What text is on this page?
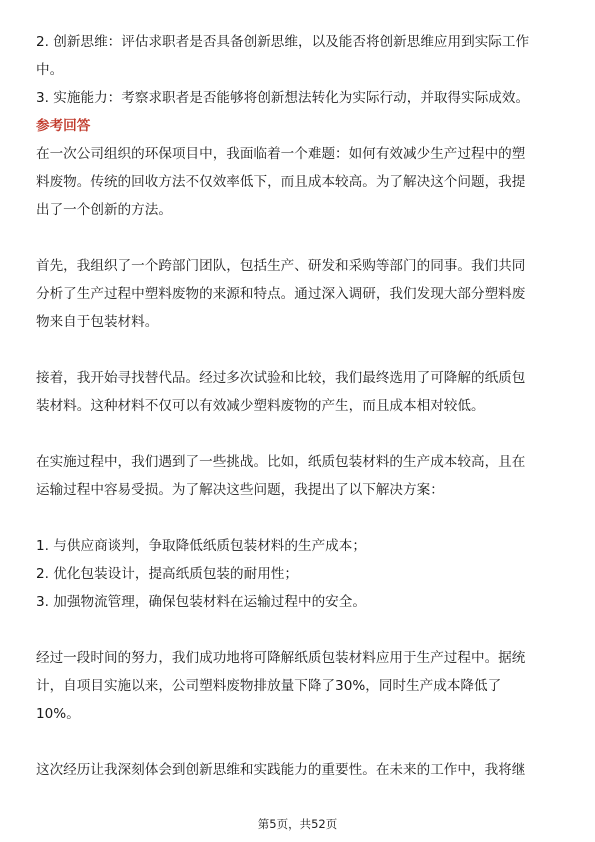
2. 创新思维：评估求职者是否具备创新思维，以及能否将创新思维应用到实际工作

中。

3. 实施能力：考察求职者是否能够将创新想法转化为实际行动，并取得实际成效。

参考回答

在一次公司组织的环保项目中，我面临着一个难题：如何有效减少生产过程中的塑

料废物。传统的回收方法不仅效率低下，而且成本较高。为了解决这个问题，我提

出了一个创新的方法。

首先，我组织了一个跨部门团队，包括生产、研发和采购等部门的同事。我们共同

分析了生产过程中塑料废物的来源和特点。通过深入调研，我们发现大部分塑料废

物来自于包装材料。

接着，我开始寻找替代品。经过多次试验和比较，我们最终选用了可降解的纸质包

装材料。这种材料不仅可以有效减少塑料废物的产生，而且成本相对较低。

在实施过程中，我们遇到了一些挑战。比如，纸质包装材料的生产成本较高，且在

运输过程中容易受损。为了解决这些问题，我提出了以下解决方案：

1. 与供应商谈判，争取降低纸质包装材料的生产成本；

2. 优化包装设计，提高纸质包装的耐用性；

3. 加强物流管理，确保包装材料在运输过程中的安全。

经过一段时间的努力，我们成功地将可降解纸质包装材料应用于生产过程中。据统

计，自项目实施以来，公司塑料废物排放量下降了30%，同时生产成本降低了

10%。

这次经历让我深刻体会到创新思维和实践能力的重要性。在未来的工作中，我将继

第5页，共52页
